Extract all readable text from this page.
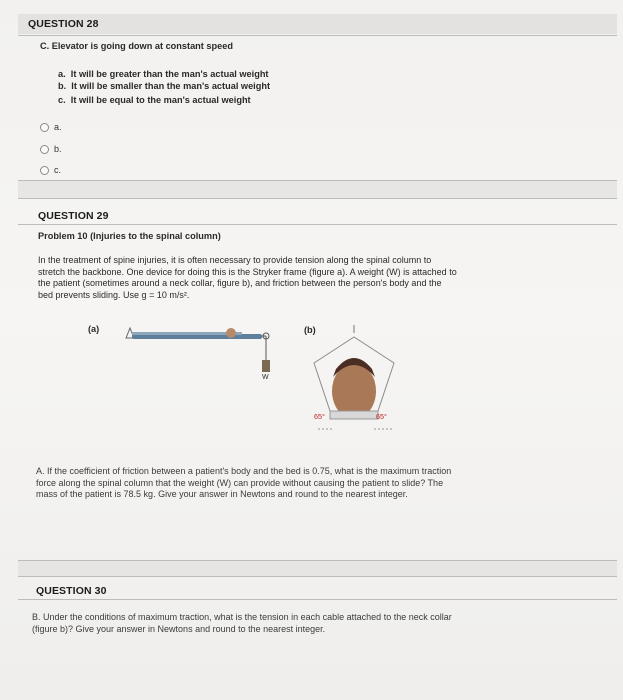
QUESTION 28
C. Elevator is going down at constant speed
a. It will be greater than the man's actual weight
b. It will be smaller than the man's actual weight
c. It will be equal to the man's actual weight
a.
b.
c.
QUESTION 29
Problem 10 (Injuries to the spinal column)
In the treatment of spine injuries, it is often necessary to provide tension along the spinal column to stretch the backbone. One device for doing this is the Stryker frame (figure a). A weight (W) is attached to the patient (sometimes around a neck collar, figure b), and friction between the person's body and the bed prevents sliding. Use g = 10 m/s².
(a)
W
(b)
65°	65°
A. If the coefficient of friction between a patient's body and the bed is 0.75, what is the maximum traction force along the spinal column that the weight (W) can provide without causing the patient to slide? The mass of the patient is 78.5 kg. Give your answer in Newtons and round to the nearest integer.
QUESTION 30
B. Under the conditions of maximum traction, what is the tension in each cable attached to the neck collar (figure b)? Give your answer in Newtons and round to the nearest integer.
